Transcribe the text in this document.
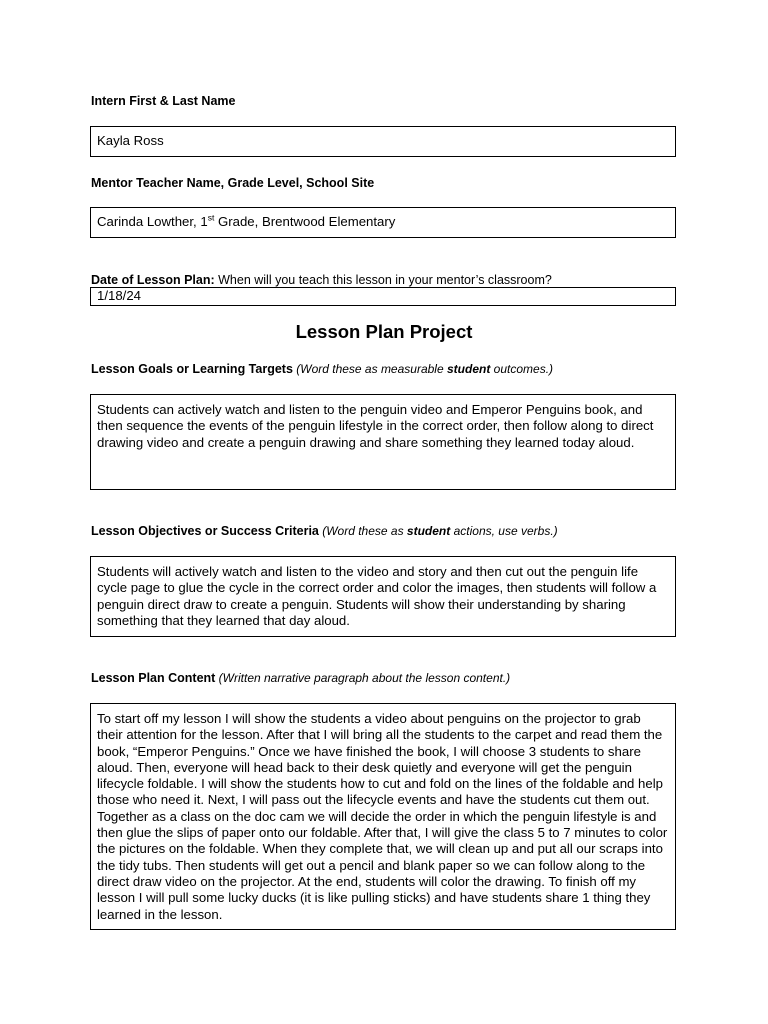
Intern First & Last Name
Kayla Ross
Mentor Teacher Name, Grade Level, School Site
Carinda Lowther, 1st Grade, Brentwood Elementary
Date of Lesson Plan: When will you teach this lesson in your mentor’s classroom?
1/18/24
Lesson Plan Project
Lesson Goals or Learning Targets (Word these as measurable student outcomes.)
Students can actively watch and listen to the penguin video and Emperor Penguins book, and then sequence the events of the penguin lifestyle in the correct order, then follow along to direct drawing video and create a penguin drawing and share something they learned today aloud.
Lesson Objectives or Success Criteria (Word these as student actions, use verbs.)
Students will actively watch and listen to the video and story and then cut out the penguin life cycle page to glue the cycle in the correct order and color the images, then students will follow a penguin direct draw to create a penguin. Students will show their understanding by sharing something that they learned that day aloud.
Lesson Plan Content (Written narrative paragraph about the lesson content.)
To start off my lesson I will show the students a video about penguins on the projector to grab their attention for the lesson. After that I will bring all the students to the carpet and read them the book, “Emperor Penguins.” Once we have finished the book, I will choose 3 students to share aloud. Then, everyone will head back to their desk quietly and everyone will get the penguin lifecycle foldable. I will show the students how to cut and fold on the lines of the foldable and help those who need it. Next, I will pass out the lifecycle events and have the students cut them out. Together as a class on the doc cam we will decide the order in which the penguin lifestyle is and then glue the slips of paper onto our foldable. After that, I will give the class 5 to 7 minutes to color the pictures on the foldable. When they complete that, we will clean up and put all our scraps into the tidy tubs. Then students will get out a pencil and blank paper so we can follow along to the direct draw video on the projector. At the end, students will color the drawing. To finish off my lesson I will pull some lucky ducks (it is like pulling sticks) and have students share 1 thing they learned in the lesson.
